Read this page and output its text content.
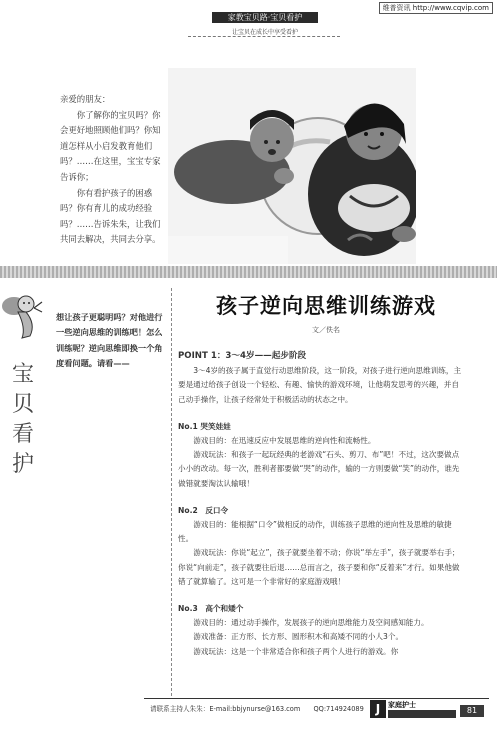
维普资讯 http://www.cqvip.com
家教宝贝路·宝贝看护
让宝贝在成长中享受看护

亲爱的朋友：

你了解你的宝贝吗？你会更好地照顾他们吗？你知道怎样从小启发教育他们吗？……在这里，宝宝专家告诉你；

你有看护孩子的困惑吗？你有育儿的成功经验吗？……告诉朱朱，让我们共同去解决，共同去分享。

宝
贝
看
护
想让孩子更聪明吗？对他进行一些逆向思维的训练吧！怎么训练呢？逆向思维即换一个角度看问题。请看——
孩子逆向思维训练游戏
文／佚名

POINT 1：3～4岁——起步阶段

3～4岁的孩子属于直觉行动思维阶段，这一阶段，对孩子进行逆向思维训练，主要是通过给孩子创设一个轻松、有趣、愉快的游戏环境，让他萌发思考的兴趣，并自己动手操作，让孩子经常处于积极活动的状态之中。

No.1 哭笑娃娃

游戏目的：在迅速反应中发展思维的逆向性和流畅性。

游戏玩法：和孩子一起玩经典的老游戏“石头、剪刀、布”吧！不过，这次要做点小小的改动。每一次，胜利者都要做“哭”的动作，输的一方则要做“笑”的动作，谁先做错就要淘汰认输哦！

No.2　反口令

游戏目的：能根据“口令”做相反的动作，训练孩子思维的逆向性及思维的敏捷性。

游戏玩法：你说“起立”，孩子就要坐着不动；你说“举左手”，孩子就要举右手；你说“向前走”，孩子就要往后退……总而言之，孩子要和你“反着来”才行。如果他做错了就算输了。这可是一个非常好的家庭游戏哦！

No.3　高个和矮个

游戏目的：通过动手操作，发展孩子的逆向思维能力及空间感知能力。

游戏准备：正方形、长方形、圆形积木和高矮不同的小人3个。

游戏玩法：这是一个非常适合你和孩子两个人进行的游戏。你

请联系主持人朱朱：E-mail:bbjynurse@163.com　　QQ:714924089 J	家庭护士
81
